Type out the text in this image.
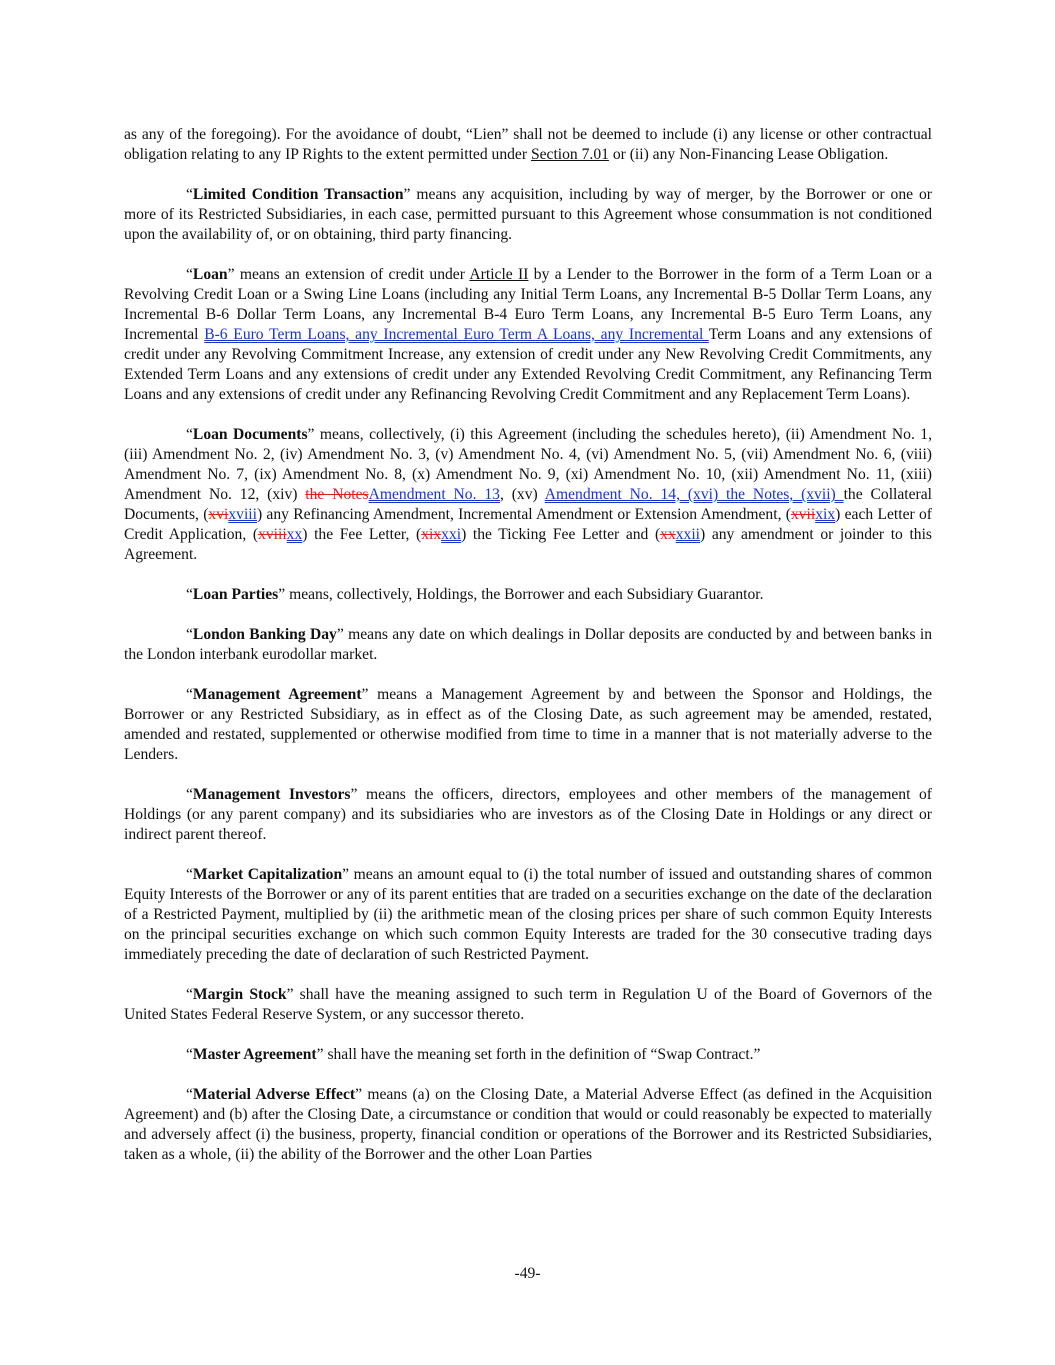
as any of the foregoing). For the avoidance of doubt, “Lien” shall not be deemed to include (i) any license or other contractual obligation relating to any IP Rights to the extent permitted under Section 7.01 or (ii) any Non-Financing Lease Obligation.

“Limited Condition Transaction” means any acquisition, including by way of merger, by the Borrower or one or more of its Restricted Subsidiaries, in each case, permitted pursuant to this Agreement whose consummation is not conditioned upon the availability of, or on obtaining, third party financing.

“Loan” means an extension of credit under Article II by a Lender to the Borrower in the form of a Term Loan or a Revolving Credit Loan or a Swing Line Loans (including any Initial Term Loans, any Incremental B-5 Dollar Term Loans, any Incremental B-6 Dollar Term Loans, any Incremental B-4 Euro Term Loans, any Incremental B-5 Euro Term Loans, any Incremental B-6 Euro Term Loans, any Incremental Euro Term A Loans, any Incremental Term Loans and any extensions of credit under any Revolving Commitment Increase, any extension of credit under any New Revolving Credit Commitments, any Extended Term Loans and any extensions of credit under any Extended Revolving Credit Commitment, any Refinancing Term Loans and any extensions of credit under any Refinancing Revolving Credit Commitment and any Replacement Term Loans).

“Loan Documents” means, collectively, (i) this Agreement (including the schedules hereto), (ii) Amendment No. 1, (iii) Amendment No. 2, (iv) Amendment No. 3, (v) Amendment No. 4, (vi) Amendment No. 5, (vii) Amendment No. 6, (viii) Amendment No. 7, (ix) Amendment No. 8, (x) Amendment No. 9, (xi) Amendment No. 10, (xii) Amendment No. 11, (xiii) Amendment No. 12, (xiv) the NotesAmendment No. 13, (xv) Amendment No. 14, (xvi) the Notes, (xvii) the Collateral Documents, (xvixviii) any Refinancing Amendment, Incremental Amendment or Extension Amendment, (xviixix) each Letter of Credit Application, (xviiixx) the Fee Letter, (xixxxi) the Ticking Fee Letter and (xxxxii) any amendment or joinder to this Agreement.

“Loan Parties” means, collectively, Holdings, the Borrower and each Subsidiary Guarantor.

“London Banking Day” means any date on which dealings in Dollar deposits are conducted by and between banks in the London interbank eurodollar market.

“Management Agreement” means a Management Agreement by and between the Sponsor and Holdings, the Borrower or any Restricted Subsidiary, as in effect as of the Closing Date, as such agreement may be amended, restated, amended and restated, supplemented or otherwise modified from time to time in a manner that is not materially adverse to the Lenders.

“Management Investors” means the officers, directors, employees and other members of the management of Holdings (or any parent company) and its subsidiaries who are investors as of the Closing Date in Holdings or any direct or indirect parent thereof.

“Market Capitalization” means an amount equal to (i) the total number of issued and outstanding shares of common Equity Interests of the Borrower or any of its parent entities that are traded on a securities exchange on the date of the declaration of a Restricted Payment, multiplied by (ii) the arithmetic mean of the closing prices per share of such common Equity Interests on the principal securities exchange on which such common Equity Interests are traded for the 30 consecutive trading days immediately preceding the date of declaration of such Restricted Payment.

“Margin Stock” shall have the meaning assigned to such term in Regulation U of the Board of Governors of the United States Federal Reserve System, or any successor thereto.

“Master Agreement” shall have the meaning set forth in the definition of “Swap Contract.”

“Material Adverse Effect” means (a) on the Closing Date, a Material Adverse Effect (as defined in the Acquisition Agreement) and (b) after the Closing Date, a circumstance or condition that would or could reasonably be expected to materially and adversely affect (i) the business, property, financial condition or operations of the Borrower and its Restricted Subsidiaries, taken as a whole, (ii) the ability of the Borrower and the other Loan Parties

-49-
